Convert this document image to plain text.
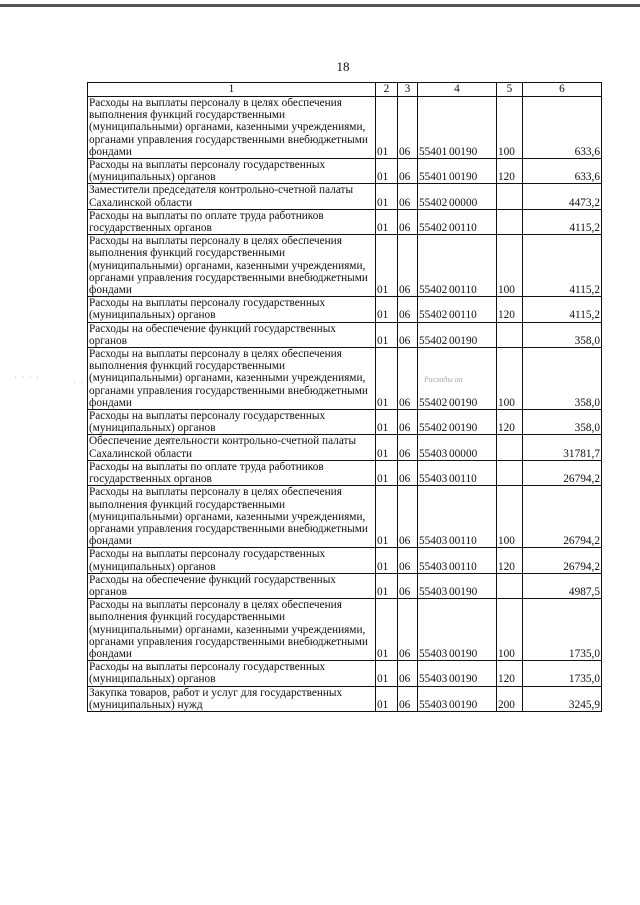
18
· · · ·	· ·	Расходы на
1	2	3	4	5	6
Расходы на выплаты персоналу в целях обеспечения выполнения функций государственными (муниципальными) органами, казенными учреждениями, органами управления государственными внебюджетными фондами	01	06	55401 00190	100	633,6
Расходы на выплаты персоналу государственных (муниципальных) органов	01	06	55401 00190	120	633,6
Заместители председателя контрольно-счетной палаты Сахалинской области	01	06	55402 00000		4473,2
Расходы на выплаты по оплате труда работников государственных органов	01	06	55402 00110		4115,2
Расходы на выплаты персоналу в целях обеспечения выполнения функций государственными (муниципальными) органами, казенными учреждениями, органами управления государственными внебюджетными фондами	01	06	55402 00110	100	4115,2
Расходы на выплаты персоналу государственных (муниципальных) органов	01	06	55402 00110	120	4115,2
Расходы на обеспечение функций государственных органов	01	06	55402 00190		358,0
Расходы на выплаты персоналу в целях обеспечения выполнения функций государственными (муниципальными) органами, казенными учреждениями, органами управления государственными внебюджетными фондами	01	06	55402 00190	100	358,0
Расходы на выплаты персоналу государственных (муниципальных) органов	01	06	55402 00190	120	358,0
Обеспечение деятельности контрольно-счетной палаты Сахалинской области	01	06	55403 00000		31781,7
Расходы на выплаты по оплате труда работников государственных органов	01	06	55403 00110		26794,2
Расходы на выплаты персоналу в целях обеспечения выполнения функций государственными (муниципальными) органами, казенными учреждениями, органами управления государственными внебюджетными фондами	01	06	55403 00110	100	26794,2
Расходы на выплаты персоналу государственных (муниципальных) органов	01	06	55403 00110	120	26794,2
Расходы на обеспечение функций государственных органов	01	06	55403 00190		4987,5
Расходы на выплаты персоналу в целях обеспечения выполнения функций государственными (муниципальными) органами, казенными учреждениями, органами управления государственными внебюджетными фондами	01	06	55403 00190	100	1735,0
Расходы на выплаты персоналу государственных (муниципальных) органов	01	06	55403 00190	120	1735,0
Закупка товаров, работ и услуг для государственных (муниципальных) нужд	01	06	55403 00190	200	3245,9
